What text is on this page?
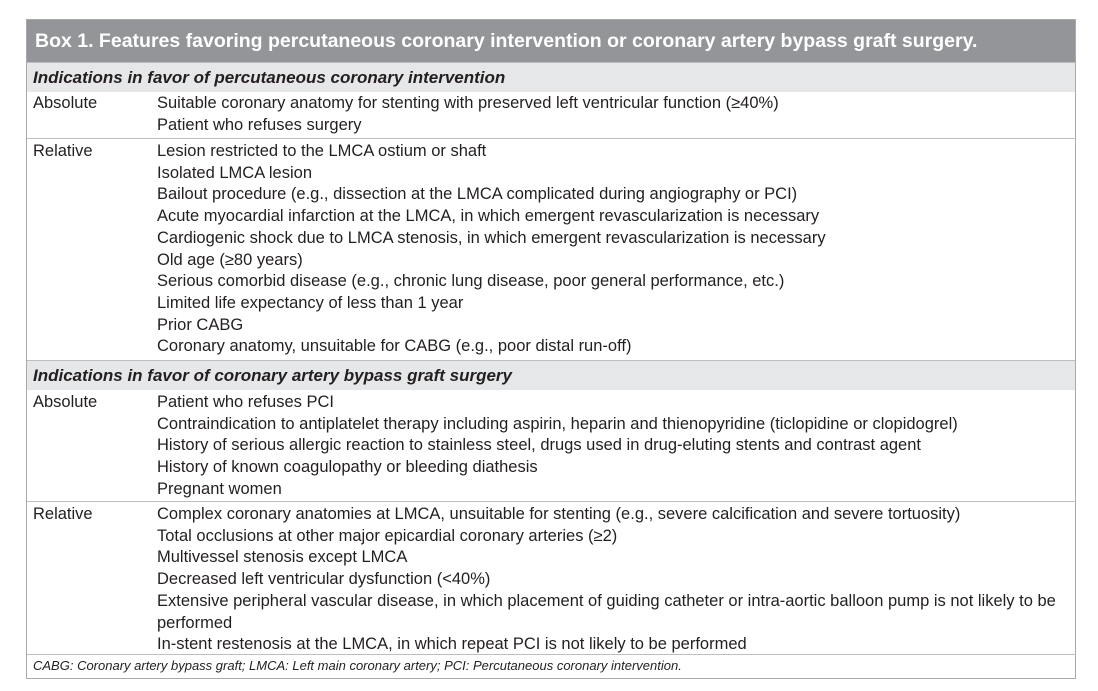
Box 1. Features favoring percutaneous coronary intervention or coronary artery bypass graft surgery.
Indications in favor of percutaneous coronary intervention
Absolute	Suitable coronary anatomy for stenting with preserved left ventricular function (≥40%)
Patient who refuses surgery
Relative	Lesion restricted to the LMCA ostium or shaft
Isolated LMCA lesion
Bailout procedure (e.g., dissection at the LMCA complicated during angiography or PCI)
Acute myocardial infarction at the LMCA, in which emergent revascularization is necessary
Cardiogenic shock due to LMCA stenosis, in which emergent revascularization is necessary
Old age (≥80 years)
Serious comorbid disease (e.g., chronic lung disease, poor general performance, etc.)
Limited life expectancy of less than 1 year
Prior CABG
Coronary anatomy, unsuitable for CABG (e.g., poor distal run-off)
Indications in favor of coronary artery bypass graft surgery
Absolute	Patient who refuses PCI
Contraindication to antiplatelet therapy including aspirin, heparin and thienopyridine (ticlopidine or clopidogrel)
History of serious allergic reaction to stainless steel, drugs used in drug-eluting stents and contrast agent
History of known coagulopathy or bleeding diathesis
Pregnant women
Relative	Complex coronary anatomies at LMCA, unsuitable for stenting (e.g., severe calcification and severe tortuosity)
Total occlusions at other major epicardial coronary arteries (≥2)
Multivessel stenosis except LMCA
Decreased left ventricular dysfunction (<40%)
Extensive peripheral vascular disease, in which placement of guiding catheter or intra-aortic balloon pump is not likely to be performed
In-stent restenosis at the LMCA, in which repeat PCI is not likely to be performed
CABG: Coronary artery bypass graft; LMCA: Left main coronary artery; PCI: Percutaneous coronary intervention.
